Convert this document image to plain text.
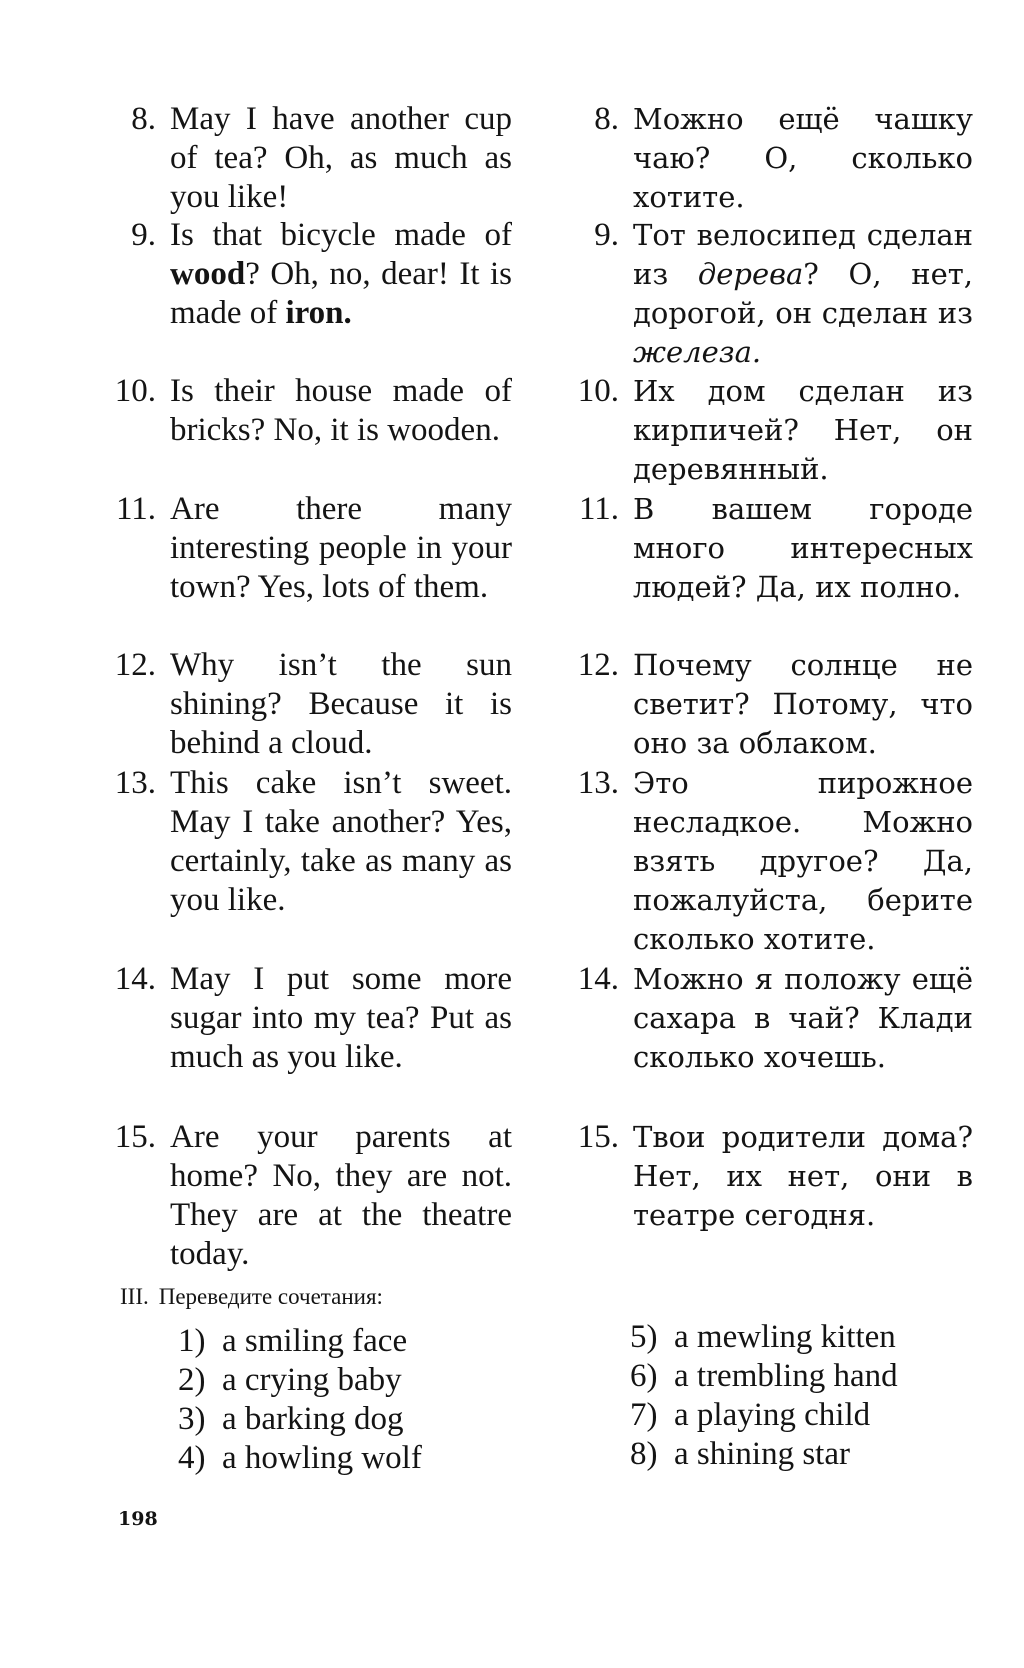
8. May I have another cup of tea? Oh, as much as you like!
9. Is that bicycle made of wood? Oh, no, dear! It is made of iron.
10. Is their house made of bricks? No, it is wooden.
11. Are there many interesting people in your town? Yes, lots of them.
12. Why isn’t the sun shining? Because it is behind a cloud.
13. This cake isn’t sweet. May I take another? Yes, certainly, take as many as you like.
14. May I put some more sugar into my tea? Put as much as you like.
15. Are your parents at home? No, they are not. They are at the theatre today.
8. Можно ещё чашку чаю? О, сколько хотите.
9. Тот велосипед сделан из дерева? О, нет, дорогой, он сделан из железа.
10. Их дом сделан из кирпичей? Нет, он деревянный.
11. В вашем городе много интересных людей? Да, их полно.
12. Почему солнце не светит? Потому, что оно за облаком.
13. Это пирожное несладкое. Можно взять другое? Да, пожалуйста, берите сколько хотите.
14. Можно я положу ещё сахара в чай? Клади сколько хочешь.
15. Твои родители дома? Нет, их нет, они в театре сегодня.
III. Переведите сочетания:
1) a smiling face
2) a crying baby
3) a barking dog
4) a howling wolf
5) a mewling kitten
6) a trembling hand
7) a playing child
8) a shining star
198
